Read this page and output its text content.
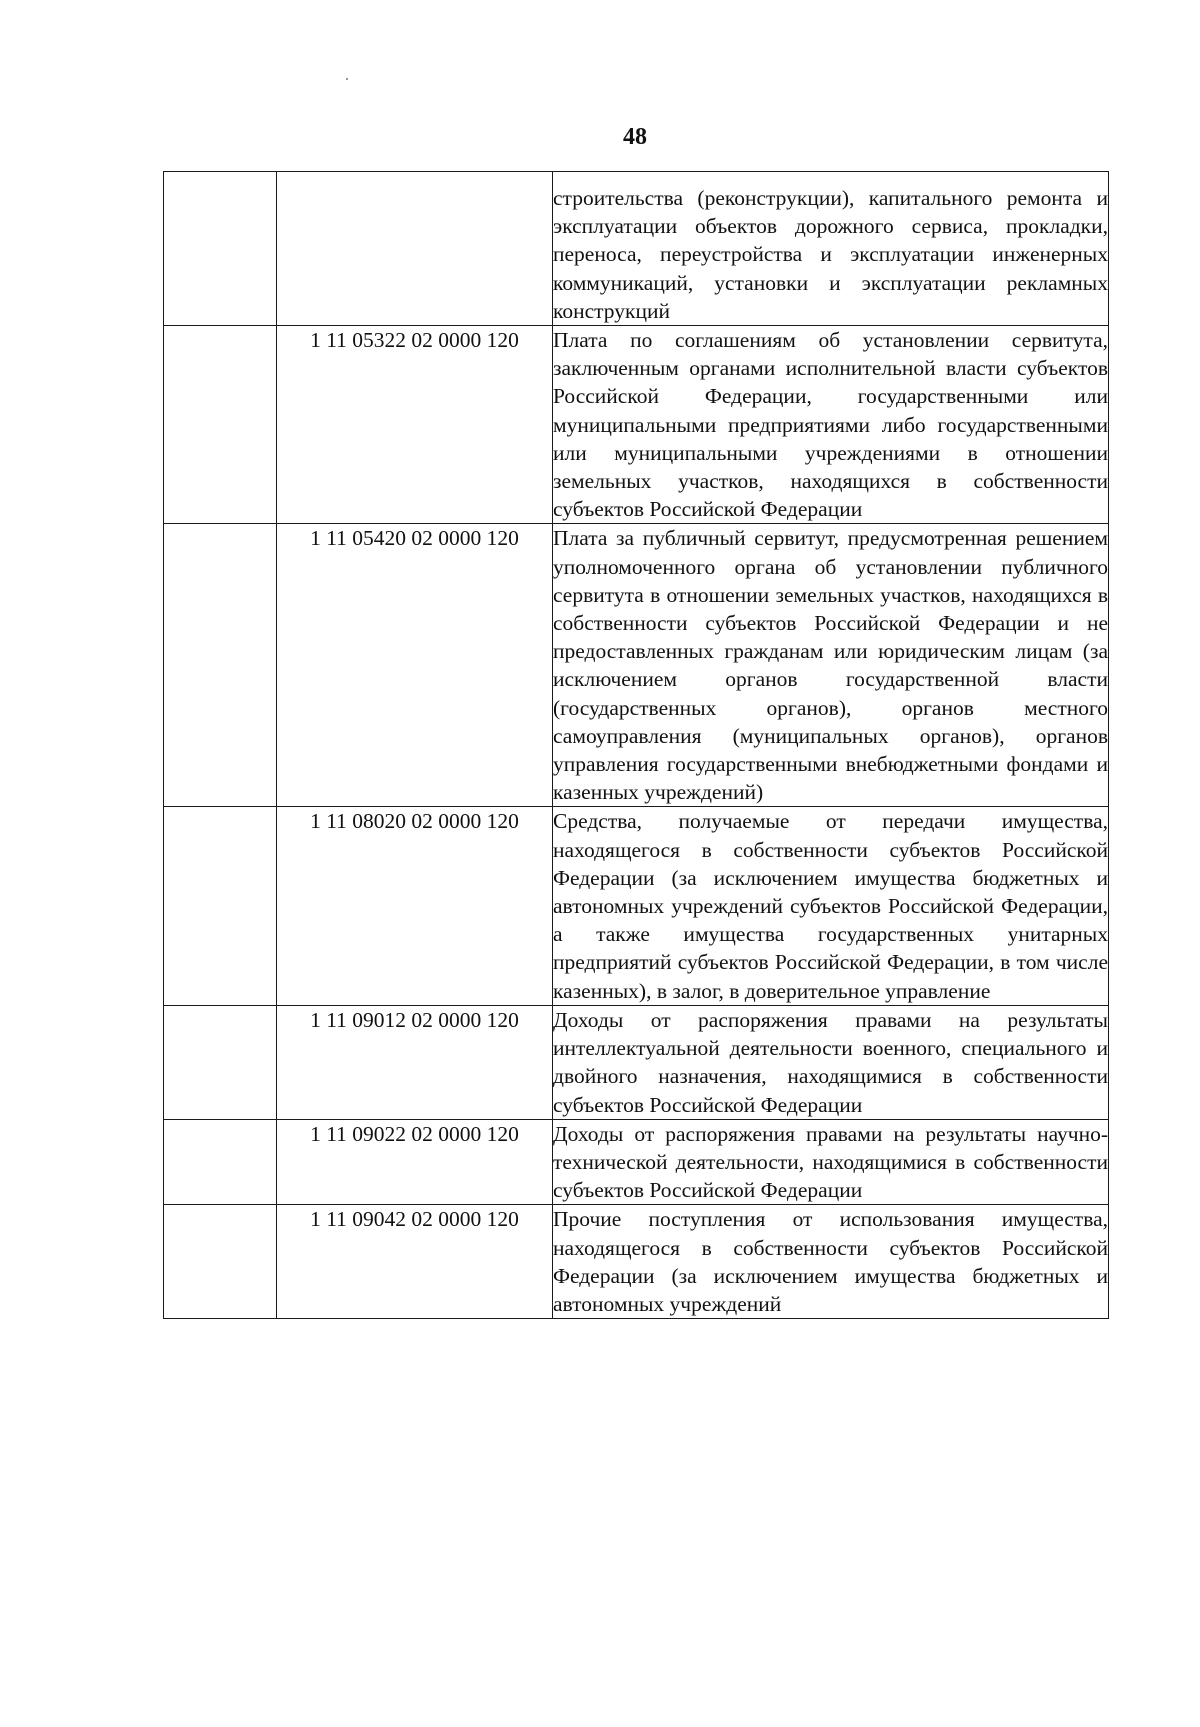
48
		строительства (реконструкции), капитального ремонта и эксплуатации объектов дорожного сервиса, прокладки, переноса, переустройства и эксплуатации инженерных коммуникаций, установки и эксплуатации рекламных конструкций
	1 11 05322 02 0000 120	Плата по соглашениям об установлении сервитута, заключенным органами исполнительной власти субъектов Российской Федерации, государственными или муниципальными предприятиями либо государственными или муниципальными учреждениями в отношении земельных участков, находящихся в собственности субъектов Российской Федерации
	1 11 05420 02 0000 120	Плата за публичный сервитут, предусмотренная решением уполномоченного органа об установлении публичного сервитута в отношении земельных участков, находящихся в собственности субъектов Российской Федерации и не предоставленных гражданам или юридическим лицам (за исключением органов государственной власти (государственных органов), органов местного самоуправления (муниципальных органов), органов управления государственными внебюджетными фондами и казенных учреждений)
	1 11 08020 02 0000 120	Средства, получаемые от передачи имущества, находящегося в собственности субъектов Российской Федерации (за исключением имущества бюджетных и автономных учреждений субъектов Российской Федерации, а также имущества государственных унитарных предприятий субъектов Российской Федерации, в том числе казенных), в залог, в доверительное управление
	1 11 09012 02 0000 120	Доходы от распоряжения правами на результаты интеллектуальной деятельности военного, специального и двойного назначения, находящимися в собственности субъектов Российской Федерации
	1 11 09022 02 0000 120	Доходы от распоряжения правами на результаты научно-технической деятельности, находящимися в собственности субъектов Российской Федерации
	1 11 09042 02 0000 120	Прочие поступления от использования имущества, находящегося в собственности субъектов Российской Федерации (за исключением имущества бюджетных и автономных учреждений
